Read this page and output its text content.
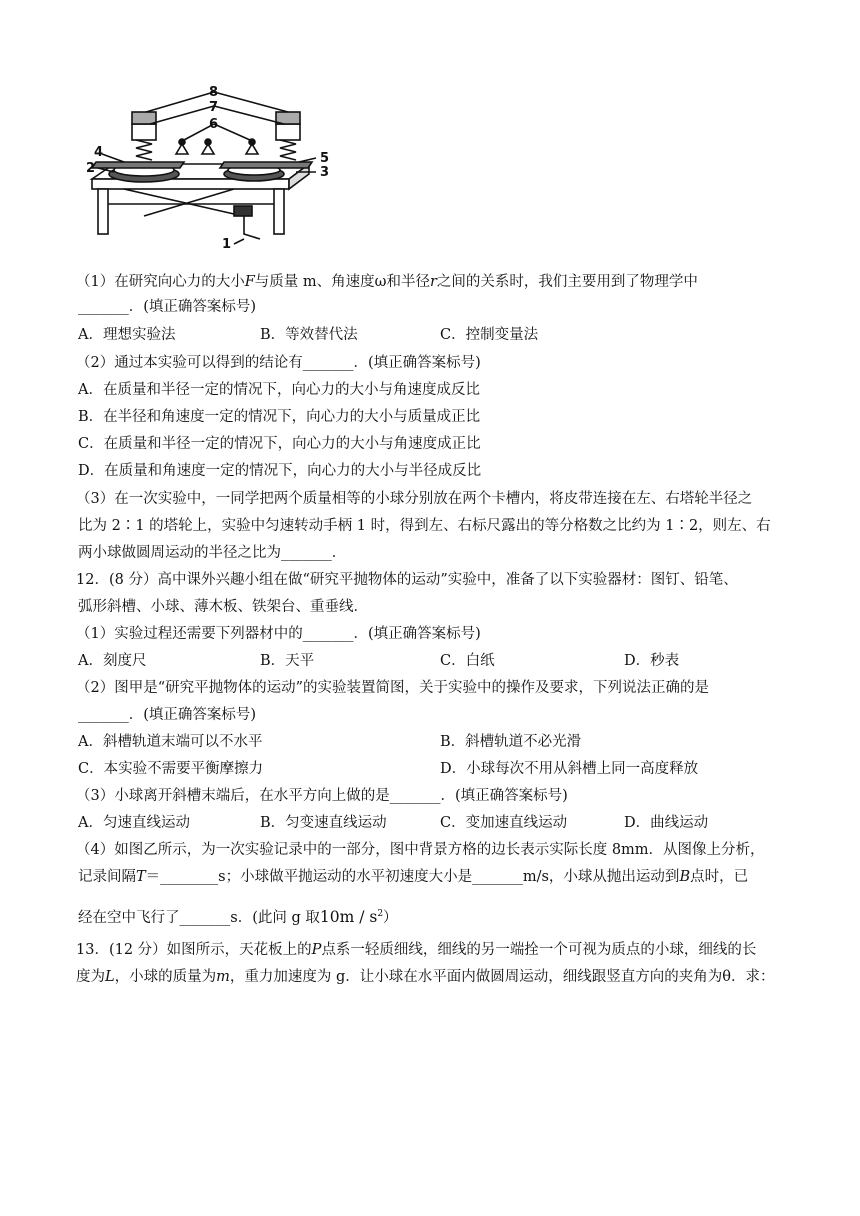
8
7
6
4
2
5
3
1
（1）在研究向心力的大小F与质量 m、角速度ω和半径r之间的关系时，我们主要用到了物理学中
_______．(填正确答案标号)
A．理想实验法	B．等效替代法	C．控制变量法
（2）通过本实验可以得到的结论有_______．(填正确答案标号)
A．在质量和半径一定的情况下，向心力的大小与角速度成反比
B．在半径和角速度一定的情况下，向心力的大小与质量成正比
C．在质量和半径一定的情况下，向心力的大小与角速度成正比
D．在质量和角速度一定的情况下，向心力的大小与半径成反比
（3）在一次实验中，一同学把两个质量相等的小球分别放在两个卡槽内，将皮带连接在左、右塔轮半径之
比为 2∶1 的塔轮上，实验中匀速转动手柄 1 时，得到左、右标尺露出的等分格数之比约为 1∶2，则左、右
两小球做圆周运动的半径之比为_______．
12．(8 分）高中课外兴趣小组在做“研究平抛物体的运动”实验中，准备了以下实验器材：图钉、铅笔、
弧形斜槽、小球、薄木板、铁架台、重垂线．
（1）实验过程还需要下列器材中的_______．(填正确答案标号)
A．刻度尺	B．天平	C．白纸	D．秒表
（2）图甲是“研究平抛物体的运动”的实验装置简图，关于实验中的操作及要求，下列说法正确的是
_______．(填正确答案标号)
A．斜槽轨道末端可以不水平	B．斜槽轨道不必光滑
C．本实验不需要平衡摩擦力	D．小球每次不用从斜槽上同一高度释放
（3）小球离开斜槽末端后，在水平方向上做的是_______．(填正确答案标号)
A．匀速直线运动	B．匀变速直线运动	C．变加速直线运动	D．曲线运动
（4）如图乙所示，为一次实验记录中的一部分，图中背景方格的边长表示实际长度 8mm．从图像上分析，
记录间隔T＝________s；小球做平抛运动的水平初速度大小是_______m/s，小球从抛出运动到B点时，已
经在空中飞行了_______s．(此问 g 取$10m / s^2$）
13．(12 分）如图所示，天花板上的P点系一轻质细线，细线的另一端拴一个可视为质点的小球，细线的长
度为L，小球的质量为m，重力加速度为 g．让小球在水平面内做圆周运动，细线跟竖直方向的夹角为θ．求：
